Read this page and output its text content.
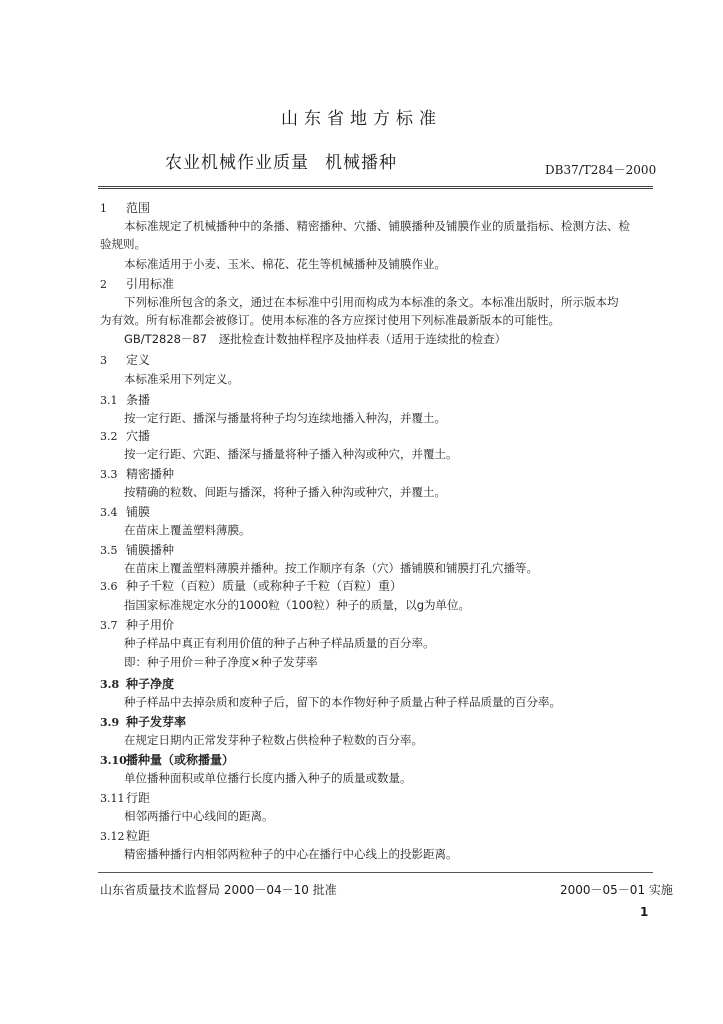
山东省地方标准
农业机械作业质量 机械播种	DB37/T284－2000
1 范围
本标准规定了机械播种中的条播、精密播种、穴播、铺膜播种及铺膜作业的质量指标、检测方法、检
验规则。
本标准适用于小麦、玉米、棉花、花生等机械播种及铺膜作业。
2 引用标准
下列标准所包含的条文，通过在本标准中引用而构成为本标准的条文。本标准出版时，所示版本均
为有效。所有标准都会被修订。使用本标准的各方应探讨使用下列标准最新版本的可能性。
GB/T2828－87　逐批检查计数抽样程序及抽样表（适用于连续批的检查）
3 定义
本标准采用下列定义。
3.1 条播
按一定行距、播深与播量将种子均匀连续地播入种沟，并覆土。
3.2 穴播
按一定行距、穴距、播深与播量将种子播入种沟或种穴，并覆土。
3.3 精密播种
按精确的粒数、间距与播深，将种子播入种沟或种穴，并覆土。
3.4 铺膜
在苗床上覆盖塑料薄膜。
3.5 铺膜播种
在苗床上覆盖塑料薄膜并播种。按工作顺序有条（穴）播铺膜和铺膜打孔穴播等。
3.6 种子千粒（百粒）质量（或称种子千粒（百粒）重）
指国家标准规定水分的1000粒（100粒）种子的质量，以g为单位。
3.7 种子用价
种子样品中真正有利用价值的种子占种子样品质量的百分率。
即：种子用价＝种子净度×种子发芽率
3.8 种子净度
种子样品中去掉杂质和废种子后，留下的本作物好种子质量占种子样品质量的百分率。
3.9 种子发芽率
在规定日期内正常发芽种子粒数占供检种子粒数的百分率。
3.10播种量（或称播量）
单位播种面积或单位播行长度内播入种子的质量或数量。
3.11 行距
相邻两播行中心线间的距离。
3.12 粒距
精密播种播行内相邻两粒种子的中心在播行中心线上的投影距离。
山东省质量技术监督局 2000－04－10 批准	2000－05－01 实施
1
